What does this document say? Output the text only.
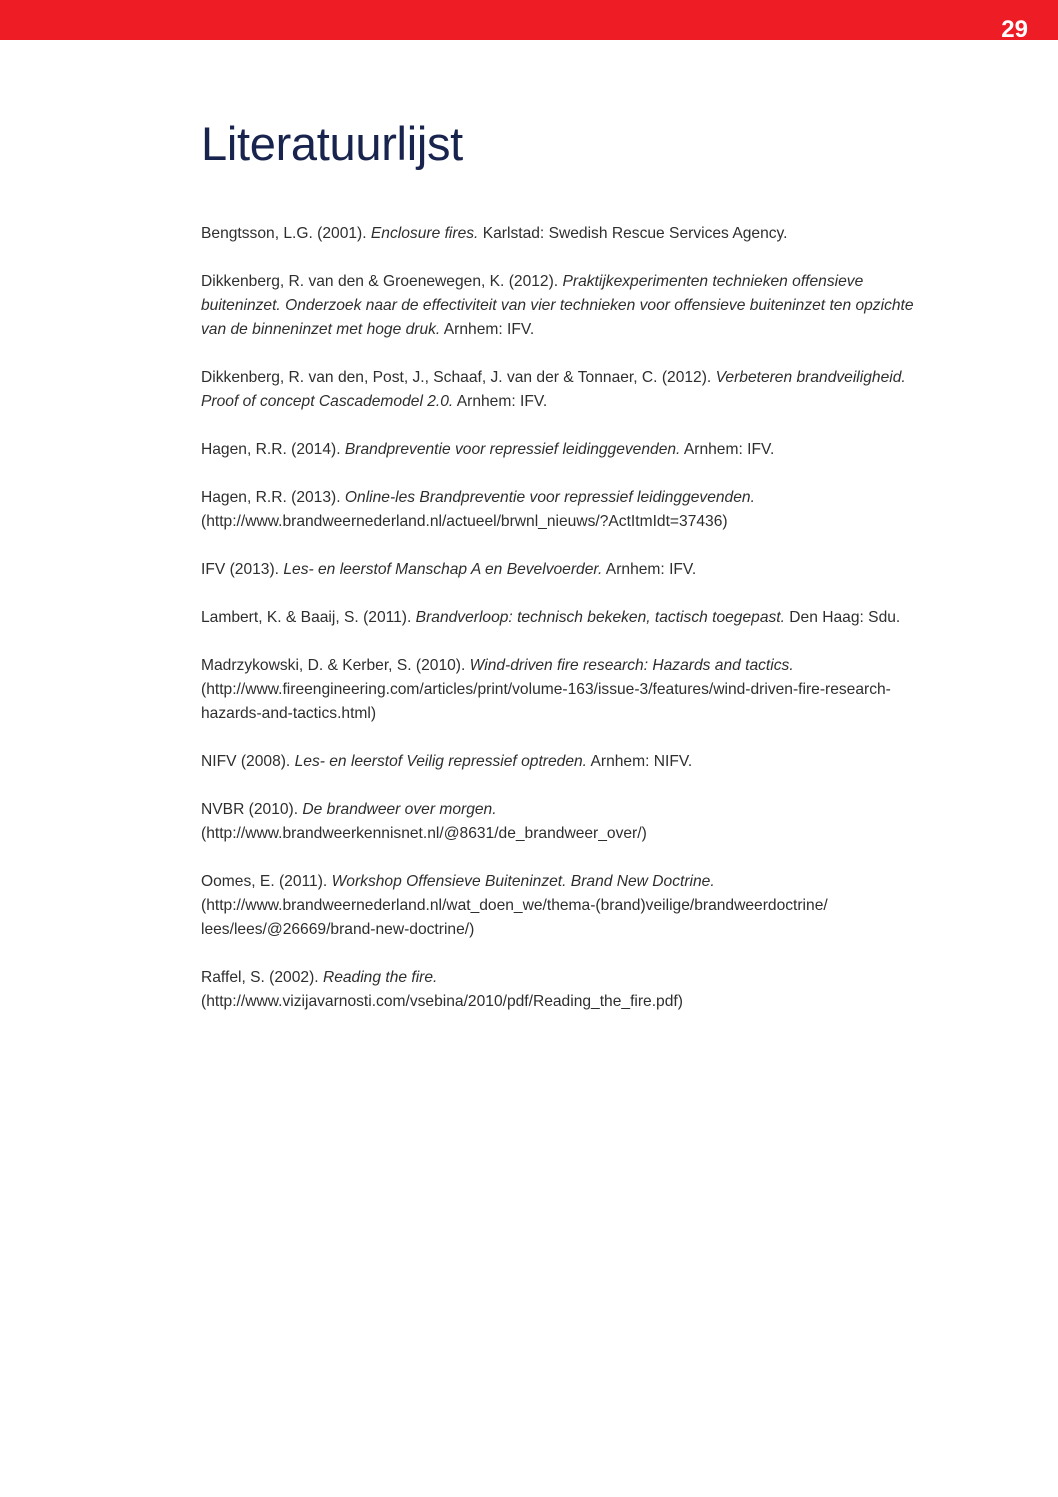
29
Literatuurlijst
Bengtsson, L.G. (2001). Enclosure fires. Karlstad: Swedish Rescue Services Agency.
Dikkenberg, R. van den & Groenewegen, K. (2012). Praktijkexperimenten technieken offensieve buiteninzet. Onderzoek naar de effectiviteit van vier technieken voor offensieve buiteninzet ten opzichte van de binneninzet met hoge druk. Arnhem: IFV.
Dikkenberg, R. van den, Post, J., Schaaf, J. van der & Tonnaer, C. (2012). Verbeteren brandveiligheid. Proof of concept Cascademodel 2.0. Arnhem: IFV.
Hagen, R.R. (2014). Brandpreventie voor repressief leidinggevenden. Arnhem: IFV.
Hagen, R.R. (2013). Online-les Brandpreventie voor repressief leidinggevenden.
(http://www.brandweernederland.nl/actueel/brwnl_nieuws/?ActItmIdt=37436)
IFV (2013). Les- en leerstof Manschap A en Bevelvoerder. Arnhem: IFV.
Lambert, K. & Baaij, S. (2011). Brandverloop: technisch bekeken, tactisch toegepast. Den Haag: Sdu.
Madrzykowski, D. & Kerber, S. (2010). Wind-driven fire research: Hazards and tactics.
(http://www.fireengineering.com/articles/print/volume-163/issue-3/features/wind-driven-fire-research-hazards-and-tactics.html)
NIFV (2008). Les- en leerstof Veilig repressief optreden. Arnhem: NIFV.
NVBR (2010). De brandweer over morgen.
(http://www.brandweerkennisnet.nl/@8631/de_brandweer_over/)
Oomes, E. (2011). Workshop Offensieve Buiteninzet. Brand New Doctrine.
(http://www.brandweernederland.nl/wat_doen_we/thema-(brand)veilige/brandweerdoctrine/ lees/lees/@26669/brand-new-doctrine/)
Raffel, S. (2002). Reading the fire.
(http://www.vizijavarnosti.com/vsebina/2010/pdf/Reading_the_fire.pdf)
